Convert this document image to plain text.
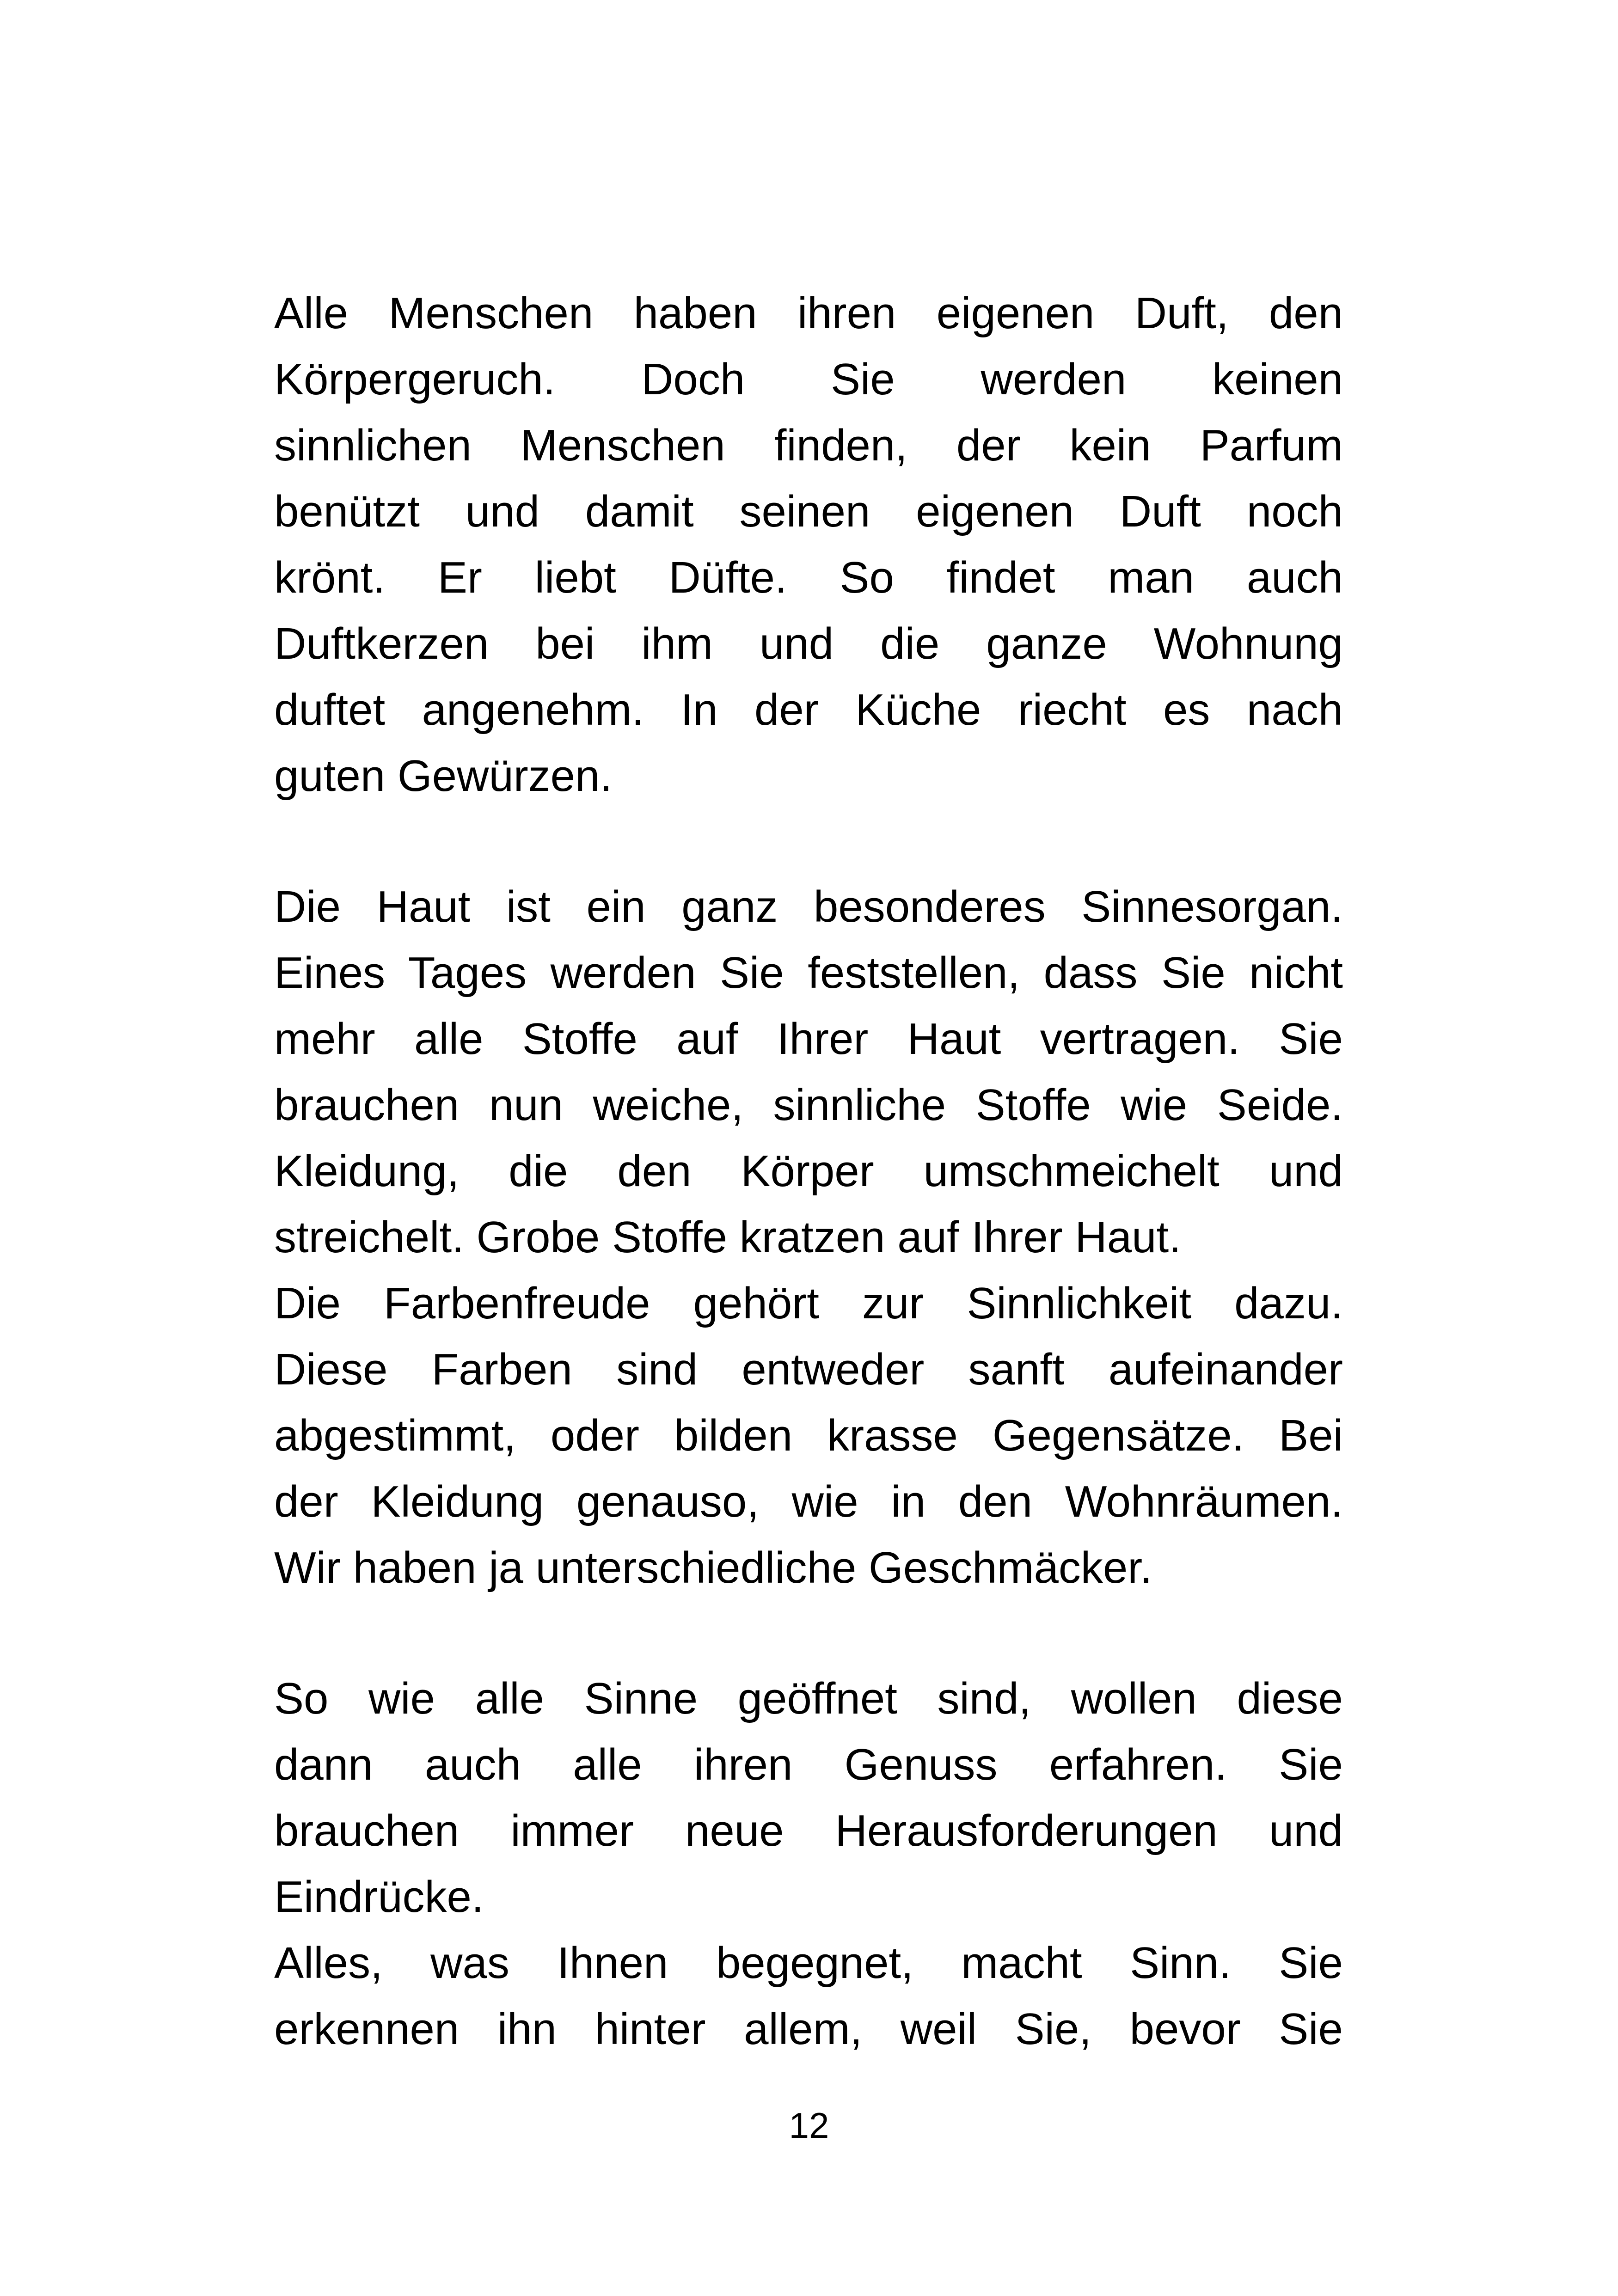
Alle Menschen haben ihren eigenen Duft, den
Körpergeruch. Doch Sie werden keinen
sinnlichen Menschen finden, der kein Parfum
benützt und damit seinen eigenen Duft noch
krönt. Er liebt Düfte. So findet man auch
Duftkerzen bei ihm und die ganze Wohnung
duftet angenehm. In der Küche riecht es nach
guten Gewürzen.
Die Haut ist ein ganz besonderes Sinnesorgan.
Eines Tages werden Sie feststellen, dass Sie nicht
mehr alle Stoffe auf Ihrer Haut vertragen. Sie
brauchen nun weiche, sinnliche Stoffe wie Seide.
Kleidung, die den Körper umschmeichelt und
streichelt. Grobe Stoffe kratzen auf Ihrer Haut.
Die Farbenfreude gehört zur Sinnlichkeit dazu.
Diese Farben sind entweder sanft aufeinander
abgestimmt, oder bilden krasse Gegensätze. Bei
der Kleidung genauso, wie in den Wohnräumen.
Wir haben ja unterschiedliche Geschmäcker.
So wie alle Sinne geöffnet sind, wollen diese
dann auch alle ihren Genuss erfahren. Sie
brauchen immer neue Herausforderungen und
Eindrücke.
Alles, was Ihnen begegnet, macht Sinn. Sie
erkennen ihn hinter allem, weil Sie, bevor Sie
12
